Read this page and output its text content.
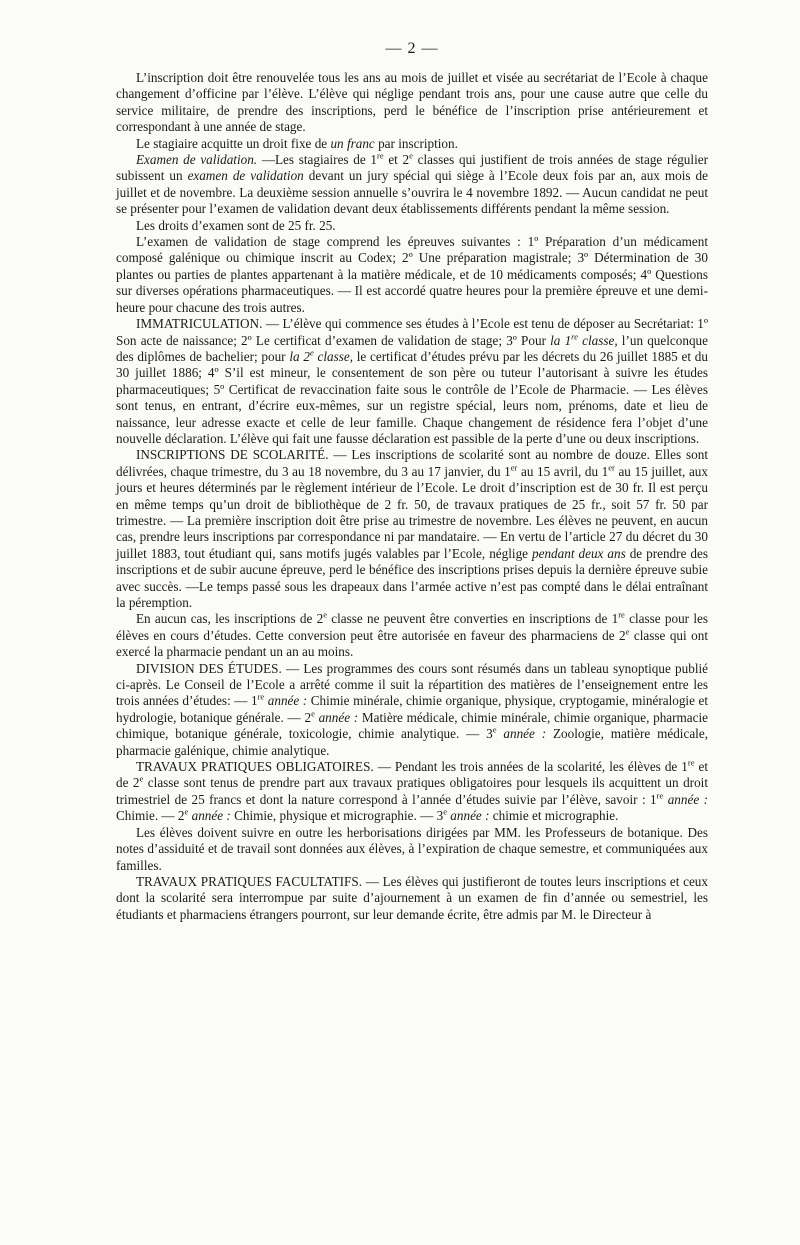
— 2 —

L’inscription doit être renouvelée tous les ans au mois de juillet et visée au secrétariat de l’Ecole à chaque changement d’officine par l’élève. L’élève qui néglige pendant trois ans, pour une cause autre que celle du service militaire, de prendre des inscriptions, perd le bénéfice de l’inscription prise antérieurement et correspondant à une année de stage.

Le stagiaire acquitte un droit fixe de un franc par inscription.

Examen de validation. —Les stagiaires de 1re et 2e classes qui justifient de trois années de stage régulier subissent un examen de validation devant un jury spécial qui siège à l’Ecole deux fois par an, aux mois de juillet et de novembre. La deuxième session annuelle s’ouvrira le 4 novembre 1892. — Aucun candidat ne peut se présenter pour l’examen de validation devant deux établissements différents pendant la même session.

Les droits d’examen sont de 25 fr. 25.

L’examen de validation de stage comprend les épreuves suivantes : 1º Préparation d’un médicament composé galénique ou chimique inscrit au Codex; 2º Une préparation magistrale; 3º Détermination de 30 plantes ou parties de plantes appartenant à la matière médicale, et de 10 médicaments composés; 4º Questions sur diverses opérations pharmaceutiques. — Il est accordé quatre heures pour la première épreuve et une demi-heure pour chacune des trois autres.

IMMATRICULATION. — L’élève qui commence ses études à l’Ecole est tenu de déposer au Secrétariat: 1º Son acte de naissance; 2º Le certificat d’examen de validation de stage; 3º Pour la 1re classe, l’un quelconque des diplômes de bachelier; pour la 2e classe, le certificat d’études prévu par les décrets du 26 juillet 1885 et du 30 juillet 1886; 4º S’il est mineur, le consentement de son père ou tuteur l’autorisant à suivre les études pharmaceutiques; 5º Certificat de revaccination faite sous le contrôle de l’Ecole de Pharmacie. — Les élèves sont tenus, en entrant, d’écrire eux-mêmes, sur un registre spécial, leurs nom, prénoms, date et lieu de naissance, leur adresse exacte et celle de leur famille. Chaque changement de résidence fera l’objet d’une nouvelle déclaration. L’élève qui fait une fausse déclaration est passible de la perte d’une ou deux inscriptions.

INSCRIPTIONS DE SCOLARITÉ. — Les inscriptions de scolarité sont au nombre de douze. Elles sont délivrées, chaque trimestre, du 3 au 18 novembre, du 3 au 17 janvier, du 1er au 15 avril, du 1er au 15 juillet, aux jours et heures déterminés par le règlement intérieur de l’Ecole. Le droit d’inscription est de 30 fr. Il est perçu en même temps qu’un droit de bibliothèque de 2 fr. 50, de travaux pratiques de 25 fr., soit 57 fr. 50 par trimestre. — La première inscription doit être prise au trimestre de novembre. Les élèves ne peuvent, en aucun cas, prendre leurs inscriptions par correspondance ni par mandataire. — En vertu de l’article 27 du décret du 30 juillet 1883, tout étudiant qui, sans motifs jugés valables par l’Ecole, néglige pendant deux ans de prendre des inscriptions et de subir aucune épreuve, perd le bénéfice des inscriptions prises depuis la dernière épreuve subie avec succès. —Le temps passé sous les drapeaux dans l’armée active n’est pas compté dans le délai entraînant la péremption.

En aucun cas, les inscriptions de 2e classe ne peuvent être converties en inscriptions de 1re classe pour les élèves en cours d’études. Cette conversion peut être autorisée en faveur des pharmaciens de 2e classe qui ont exercé la pharmacie pendant un an au moins.

DIVISION DES ÉTUDES. — Les programmes des cours sont résumés dans un tableau synoptique publié ci-après. Le Conseil de l’Ecole a arrêté comme il suit la répartition des matières de l’enseignement entre les trois années d’études: — 1re année : Chimie minérale, chimie organique, physique, cryptogamie, minéralogie et hydrologie, botanique générale. — 2e année : Matière médicale, chimie minérale, chimie organique, pharmacie chimique, botanique générale, toxicologie, chimie analytique. — 3e année : Zoologie, matière médicale, pharmacie galénique, chimie analytique.

TRAVAUX PRATIQUES OBLIGATOIRES. — Pendant les trois années de la scolarité, les élèves de 1re et de 2e classe sont tenus de prendre part aux travaux pratiques obligatoires pour lesquels ils acquittent un droit trimestriel de 25 francs et dont la nature correspond à l’année d’études suivie par l’élève, savoir : 1re année : Chimie. — 2e année : Chimie, physique et micrographie. — 3e année : chimie et micrographie.

Les élèves doivent suivre en outre les herborisations dirigées par MM. les Professeurs de botanique. Des notes d’assiduité et de travail sont données aux élèves, à l’expiration de chaque semestre, et communiquées aux familles.

TRAVAUX PRATIQUES FACULTATIFS. — Les élèves qui justifieront de toutes leurs inscriptions et ceux dont la scolarité sera interrompue par suite d’ajournement à un examen de fin d’année ou semestriel, les étudiants et pharmaciens étrangers pourront, sur leur demande écrite, être admis par M. le Directeur à
